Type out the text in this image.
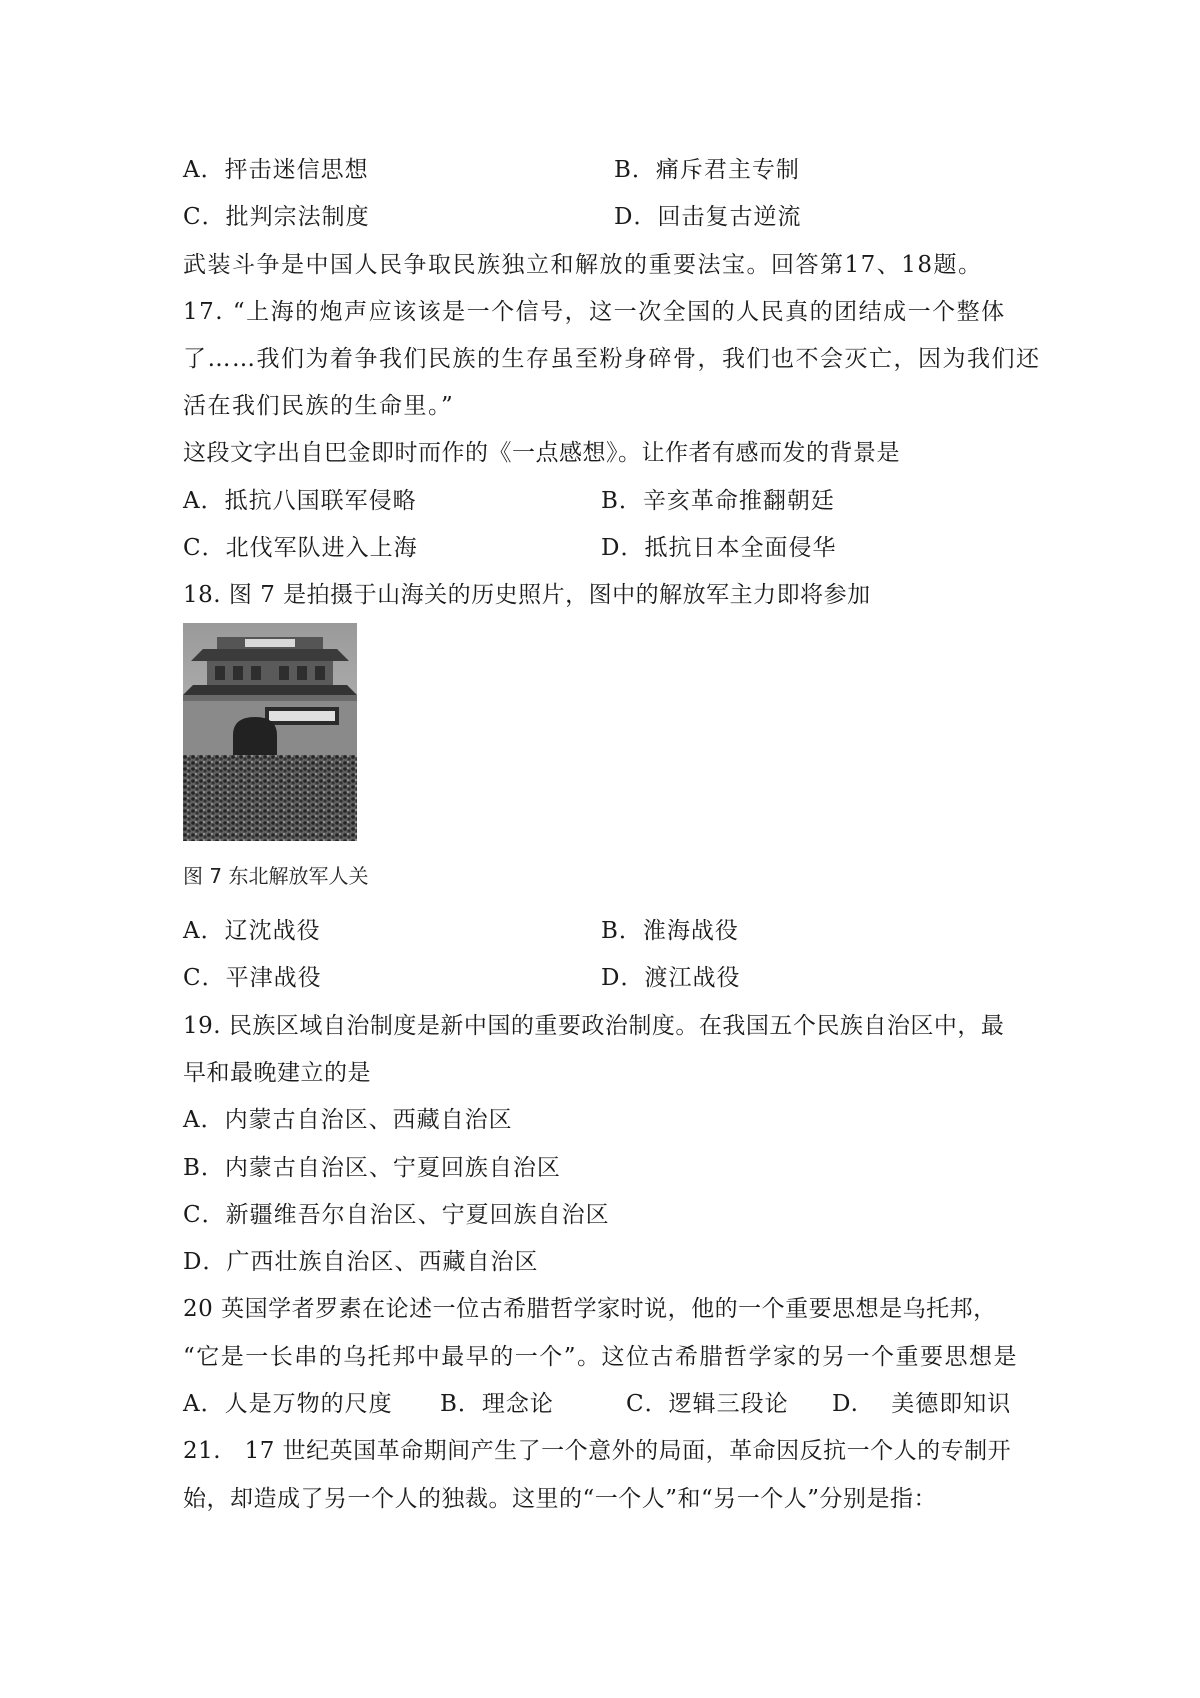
A．抨击迷信思想	B．痛斥君主专制
C．批判宗法制度	D．回击复古逆流
武装斗争是中国人民争取民族独立和解放的重要法宝。回答第17、18题。
17. “上海的炮声应该该是一个信号，这一次全国的人民真的团结成一个整体
了……我们为着争我们民族的生存虽至粉身碎骨，我们也不会灭亡，因为我们还
活在我们民族的生命里。”
这段文字出自巴金即时而作的《一点感想》。让作者有感而发的背景是
A．抵抗八国联军侵略	B．辛亥革命推翻朝廷
C．北伐军队进入上海	D．抵抗日本全面侵华
18. 图 7 是拍摄于山海关的历史照片，图中的解放军主力即将参加
图 7 东北解放军人关
A．辽沈战役	B．淮海战役
C．平津战役	D．渡江战役
19. 民族区域自治制度是新中国的重要政治制度。在我国五个民族自治区中，最
早和最晚建立的是
A．内蒙古自治区、西藏自治区
B．内蒙古自治区、宁夏回族自治区
C．新疆维吾尔自治区、宁夏回族自治区
D．广西壮族自治区、西藏自治区
20 英国学者罗素在论述一位古希腊哲学家时说，他的一个重要思想是乌托邦，
“它是一长串的乌托邦中最早的一个”。这位古希腊哲学家的另一个重要思想是
A．人是万物的尺度 B．理念论	C．逻辑三段论 D.　 美德即知识
21.　17 世纪英国革命期间产生了一个意外的局面，革命因反抗一个人的专制开
始，却造成了另一个人的独裁。这里的“一个人”和“另一个人”分别是指：
